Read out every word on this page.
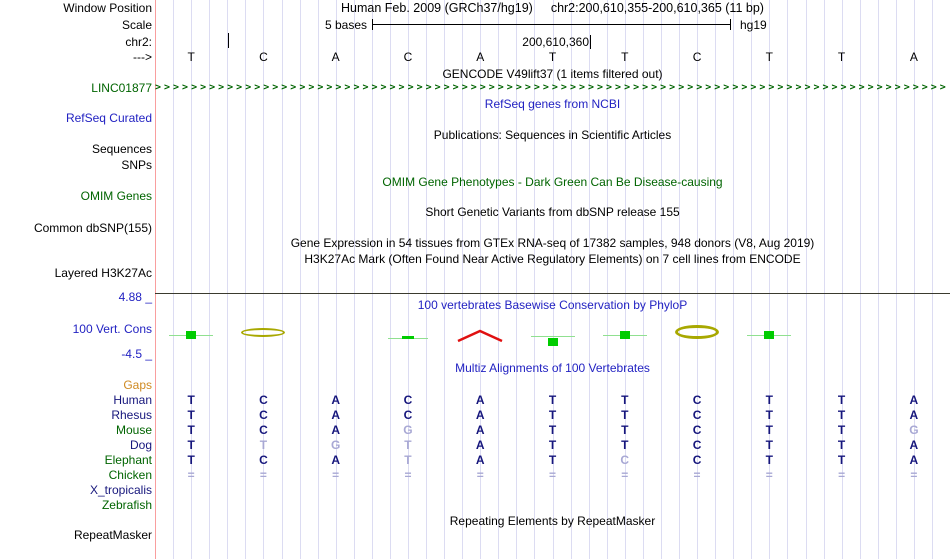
Human Feb. 2009 (GRCh37/hg19) chr2:200,610,355-200,610,365 (11 bp)
5 bases	hg19
200,610,360
Window Position
Scale
chr2:
--->
LINC01877
RefSeq Curated
Sequences
SNPs
OMIM Genes
Common dbSNP(155)
Layered H3K27Ac
4.88 _
100 Vert. Cons
-4.5 _
Gaps
RepeatMasker
GENCODE V49lift37 (1 items filtered out)
RefSeq genes from NCBI
Publications: Sequences in Scientific Articles
OMIM Gene Phenotypes - Dark Green Can Be Disease-causing
Short Genetic Variants from dbSNP release 155
Gene Expression in 54 tissues from GTEx RNA-seq of 17382 samples, 948 donors (V8, Aug 2019)
H3K27Ac Mark (Often Found Near Active Regulatory Elements) on 7 cell lines from ENCODE
100 vertebrates Basewise Conservation by PhyloP
Multiz Alignments of 100 Vertebrates
Repeating Elements by RepeatMasker
T	C	A	C	A	T	T	C	T	T	A
>>>>>>>>>>>>>>>>>>>>>>>>>>>>>>>>>>>>>>>>>>>>>>>>>>>>>>>>>>>>>>>>>>>>>>>>>>>>>>>>>>>>>>>>
Human	T	C	A	C	A	T	T	C	T	T	A
Rhesus	T	C	A	C	A	T	T	C	T	T	A
Mouse	T	C	A	G	A	T	T	C	T	T	G
Dog	T	T	G	T	A	T	T	C	T	T	A
Elephant	T	C	A	T	A	T	C	C	T	T	A
Chicken	=	=	=	=	=	=	=	=	=	=	=
X_tropicalis
Zebrafish
